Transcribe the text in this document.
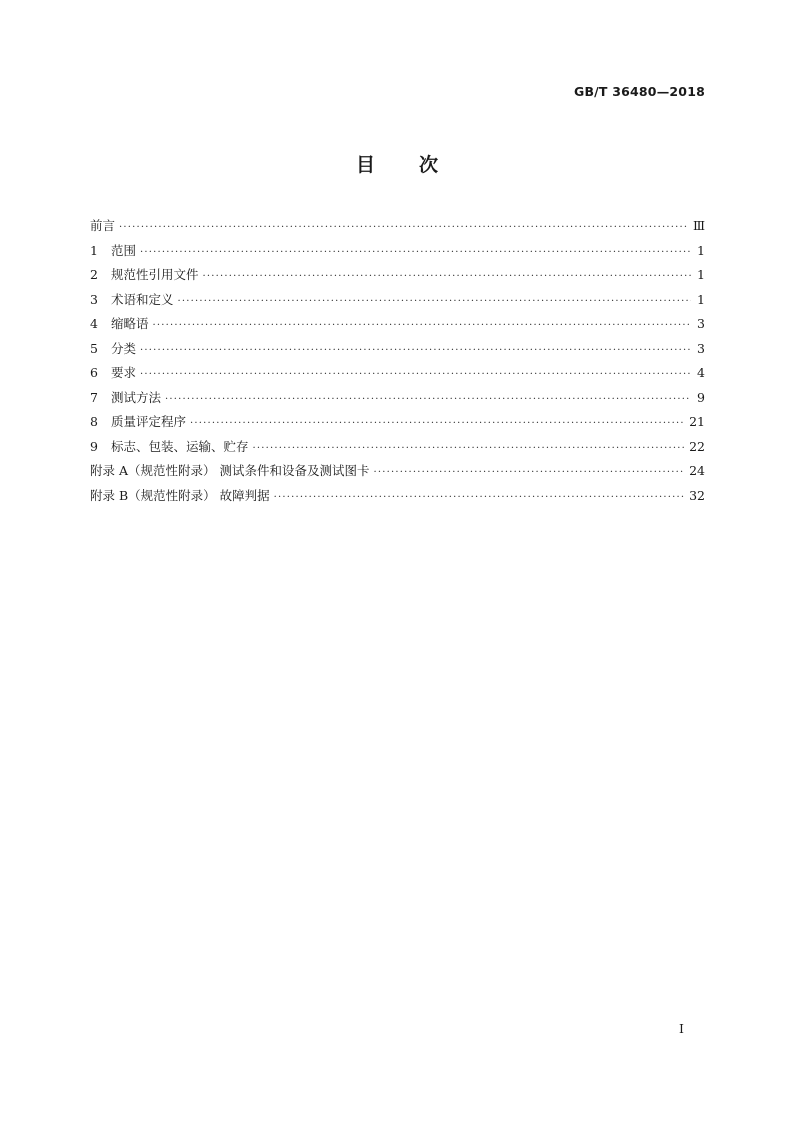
GB/T 36480—2018
目 次
前言 ·····	Ⅲ
1	范围 ·····	1
2	规范性引用文件 ·····	1
3	术语和定义 ·····	1
4	缩略语 ·····	3
5	分类 ·····	3
6	要求 ·····	4
7	测试方法 ·····	9
8	质量评定程序 ·····	21
9	标志、包装、运输、贮存 ·····	22
附录 A（规范性附录） 测试条件和设备及测试图卡 ·····	24
附录 B（规范性附录） 故障判据 ·····	32
I
